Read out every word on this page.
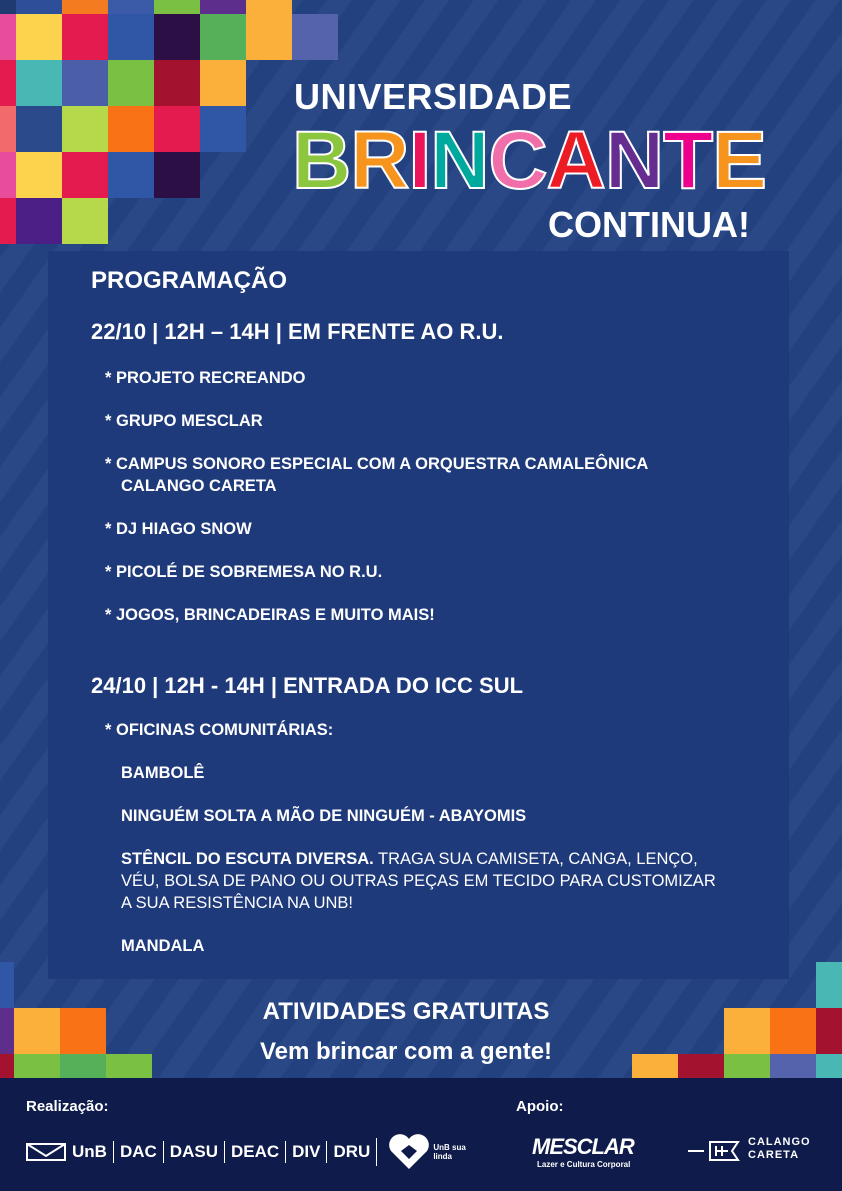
UNIVERSIDADE
BRINCANTE
CONTINUA!
PROGRAMAÇÃO
22/10 | 12H – 14H | EM FRENTE AO R.U.

* PROJETO RECREANDO

* GRUPO MESCLAR

* CAMPUS SONORO ESPECIAL COM A ORQUESTRA CAMALEÔNICA

CALANGO CARETA

* DJ HIAGO SNOW

* PICOLÉ DE SOBREMESA NO R.U.

* JOGOS, BRINCADEIRAS E MUITO MAIS!

24/10 | 12H - 14H | ENTRADA DO ICC SUL

* OFICINAS COMUNITÁRIAS:

BAMBOLÊ

NINGUÉM SOLTA A MÃO DE NINGUÉM - ABAYOMIS

STÊNCIL DO ESCUTA DIVERSA. TRAGA SUA CAMISETA, CANGA, LENÇO,

VÉU, BOLSA DE PANO OU OUTRAS PEÇAS EM TECIDO PARA CUSTOMIZAR

A SUA RESISTÊNCIA NA UNB!

MANDALA

ATIVIDADES GRATUITAS
Vem brincar com a gente!
Realização:	Apoio:
UnB DAC DASU DEAC DIV DRU	UnB sua linda	MESCLAR
Lazer e Cultura Corporal
CALANGO
CARETA
